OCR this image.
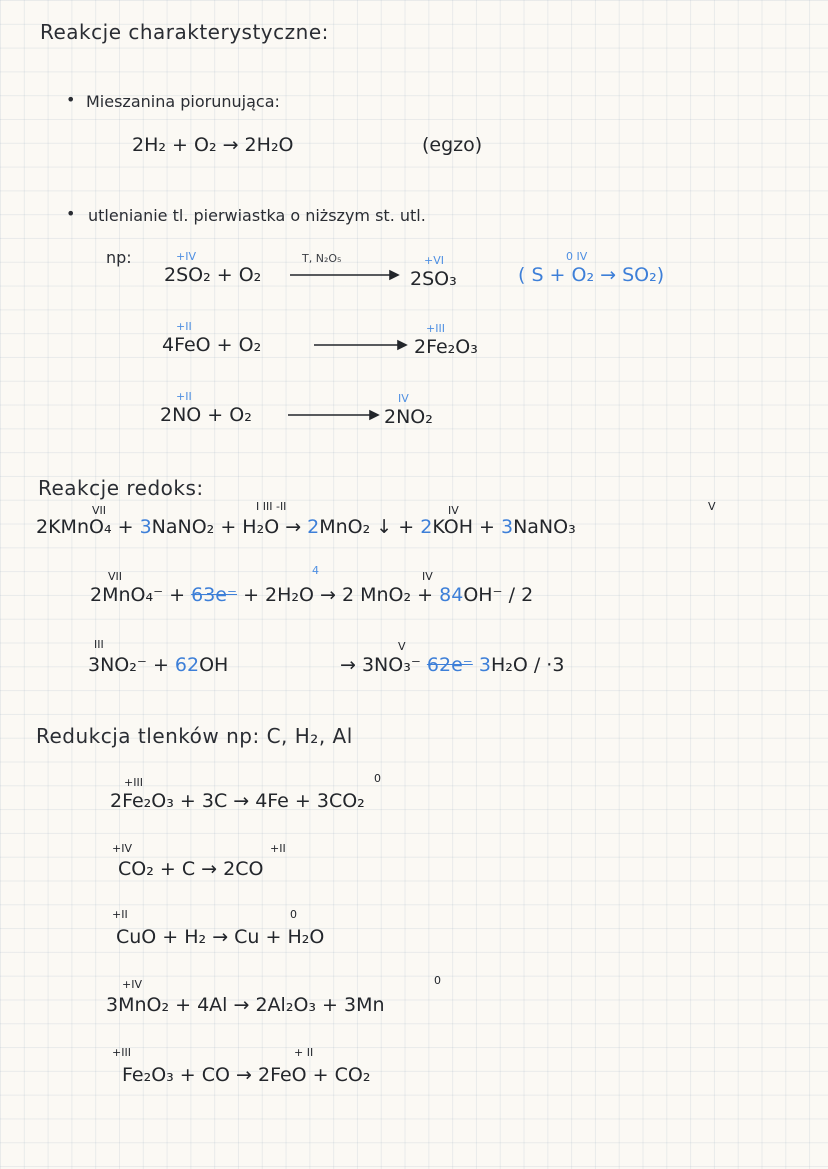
Reakcje charakterystyczne:
• Mieszanina piorunująca:
2H₂ + O₂ → 2H₂O	(egzo)
• utlenianie tl. pierwiastka o niższym st. utl.
np:	+IV
2SO₂ + O₂
T, N₂O₅	+VI
2SO₃
0 IV
( S + O₂ → SO₂)
+II
4FeO + O₂
+III
2Fe₂O₃
+II
2NO + O₂
IV
2NO₂
Reakcje redoks:
VII	I III -II	IV	V
2KMnO₄ + 3NaNO₂ + H₂O → 2MnO₂ ↓ + 2KOH + 3NaNO₃
VII	4	IV
2MnO₄⁻ + 63e⁻ + 2H₂O → 2 MnO₂ + 84OH⁻ / 2
III	V
3NO₂⁻ + 62OH	→ 3NO₃⁻ 62e⁻ 3H₂O / ·3
Redukcja tlenków np: C, H₂, Al
+III	0
2Fe₂O₃ + 3C → 4Fe + 3CO₂
+IV	+II
CO₂ + C → 2CO
+II	0
CuO + H₂ → Cu + H₂O
+IV	0
3MnO₂ + 4Al → 2Al₂O₃ + 3Mn
+III	+ II
Fe₂O₃ + CO → 2FeO + CO₂
